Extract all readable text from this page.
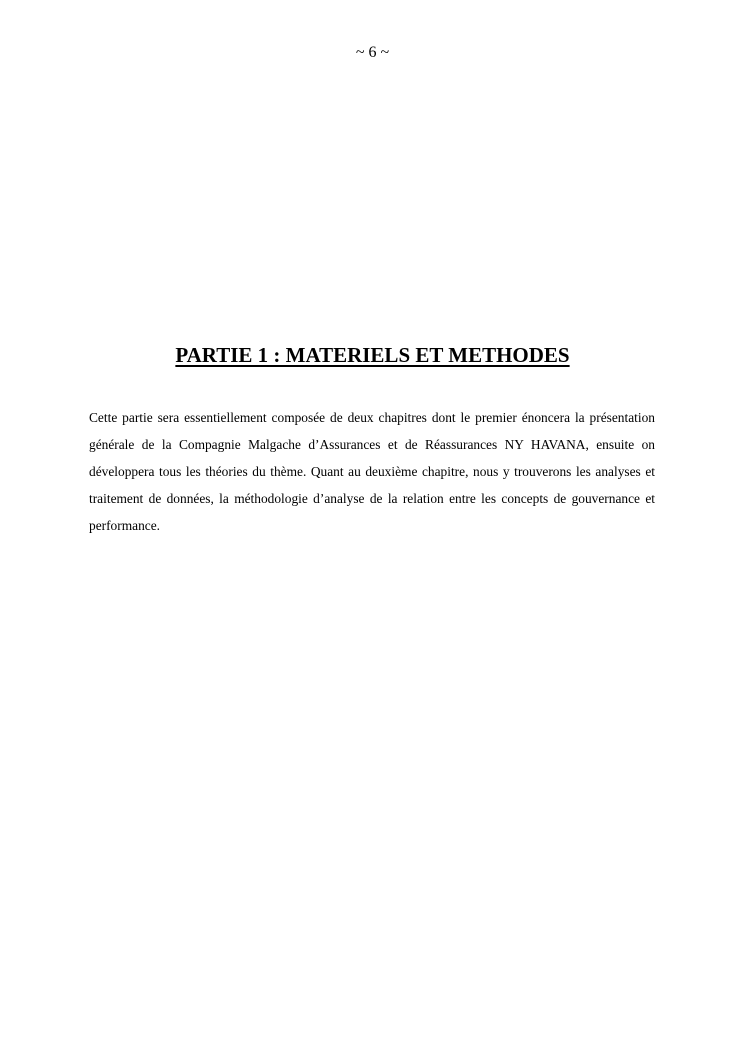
~ 6 ~
PARTIE 1 : MATERIELS ET METHODES

Cette partie sera essentiellement composée de deux chapitres dont le premier énoncera la présentation générale de la Compagnie Malgache d’Assurances et de Réassurances NY HAVANA, ensuite on développera tous les théories du thème. Quant au deuxième chapitre, nous y trouverons les analyses et traitement de données, la méthodologie d’analyse de la relation entre les concepts de gouvernance et performance.
